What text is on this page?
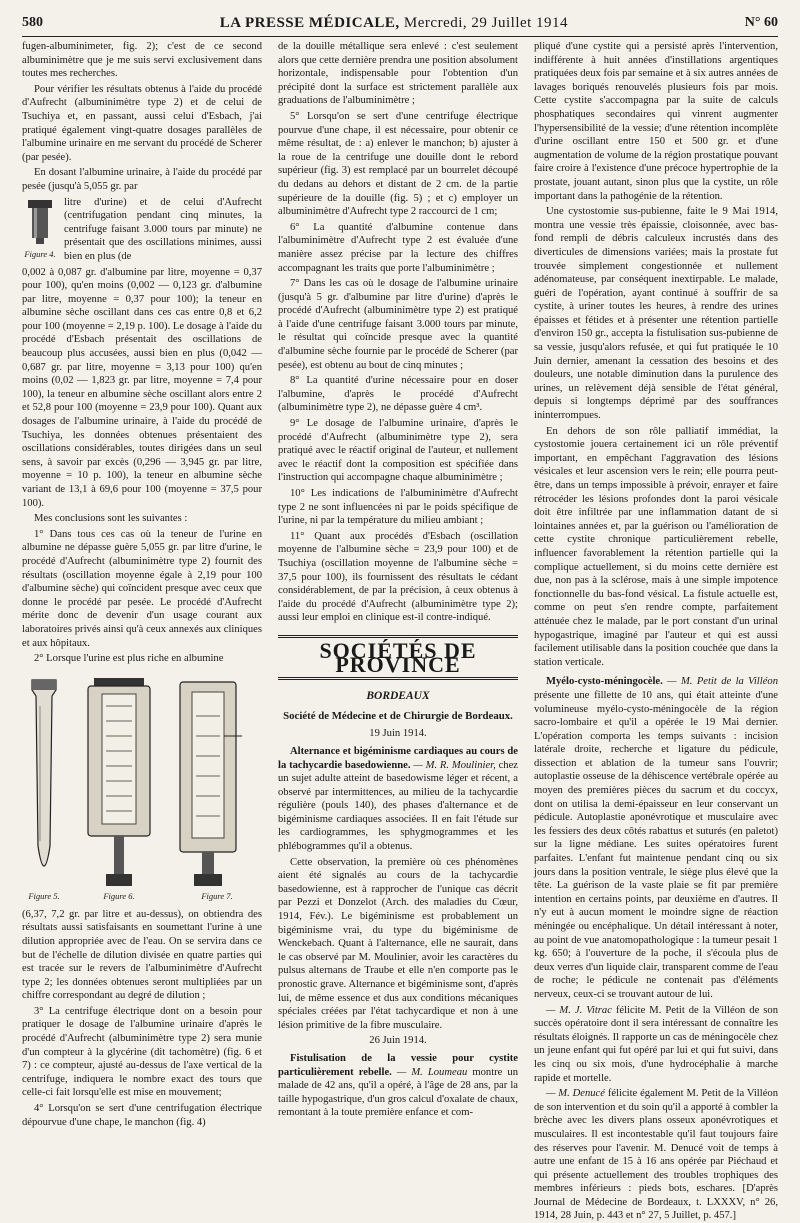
580	LA PRESSE MÉDICALE, Mercredi, 29 Juillet 1914	N° 60

fugen-albuminimeter, fig. 2); c'est de ce second albuminimètre que je me suis servi exclusivement dans toutes mes recherches.

Pour vérifier les résultats obtenus à l'aide du procédé d'Aufrecht (albuminimètre type 2) et de celui de Tsuchiya et, en passant, aussi celui d'Esbach, j'ai pratiqué également vingt-quatre dosages parallèles de l'albumine urinaire en me servant du procédé de Scherer (par pesée).

En dosant l'albumine urinaire, à l'aide du procédé par pesée (jusqu'à 5,055 gr. par

Figure 4.

litre d'urine) et de celui d'Aufrecht (centrifugation pendant cinq minutes, la centrifuge faisant 3.000 tours par minute) ne présentait que des oscillations minimes, aussi bien en plus (de

0,002 à 0,087 gr. d'albumine par litre, moyenne = 0,37 pour 100), qu'en moins (0,002 — 0,123 gr. d'albumine par litre, moyenne = 0,37 pour 100); la teneur en albumine sèche oscillant dans ces cas entre 0,8 et 6,2 pour 100 (moyenne = 2,19 p. 100). Le dosage à l'aide du procédé d'Esbach présentait des oscillations de beaucoup plus accusées, aussi bien en plus (0,042 — 0,687 gr. par litre, moyenne = 3,13 pour 100) qu'en moins (0,02 — 1,823 gr. par litre, moyenne = 7,4 pour 100), la teneur en albumine sèche oscillant alors entre 2 et 52,8 pour 100 (moyenne = 23,9 pour 100). Quant aux dosages de l'albumine urinaire, à l'aide du procédé de Tsuchiya, les données obtenues présentaient des oscillations considérables, toutes dirigées dans un seul sens, à savoir par excès (0,296 — 3,945 gr. par litre, moyenne = 10 p. 100), la teneur en albumine sèche variant de 13,1 à 69,6 pour 100 (moyenne = 37,5 pour 100).

Mes conclusions sont les suivantes :

1° Dans tous ces cas où la teneur de l'urine en albumine ne dépasse guère 5,055 gr. par litre d'urine, le procédé d'Aufrecht (albuminimètre type 2) fournit des résultats (oscillation moyenne égale à 2,19 pour 100 d'albumine sèche) qui coïncident presque avec ceux que donne le procédé par pesée. Le procédé d'Aufrecht mérite donc de devenir d'un usage courant aux laboratoires privés ainsi qu'à ceux annexés aux cliniques et aux hôpitaux.

2° Lorsque l'urine est plus riche en albumine

Figure 5.	Figure 6.	Figure 7.

(6,37, 7,2 gr. par litre et au-dessus), on obtiendra des résultats aussi satisfaisants en soumettant l'urine à une dilution appropriée avec de l'eau. On se servira dans ce but de l'échelle de dilution divisée en quatre parties qui est tracée sur le revers de l'albuminimètre d'Aufrecht type 2; les données obtenues seront multipliées par un chiffre correspondant au degré de dilution ;

3° La centrifuge électrique dont on a besoin pour pratiquer le dosage de l'albumine urinaire d'après le procédé d'Aufrecht (albuminimètre type 2) sera munie d'un compteur à la glycérine (dit tachomètre) (fig. 6 et 7) : ce compteur, ajusté au-dessus de l'axe vertical de la centrifuge, indiquera le nombre exact des tours que celle-ci fait lorsqu'elle est mise en mouvement;

4° Lorsqu'on se sert d'une centrifugation électrique dépourvue d'une chape, le manchon (fig. 4)

de la douille métallique sera enlevé : c'est seulement alors que cette dernière prendra une position absolument horizontale, indispensable pour l'obtention d'un précipité dont la surface est strictement parallèle aux graduations de l'albuminimètre ;

5° Lorsqu'on se sert d'une centrifuge électrique pourvue d'une chape, il est nécessaire, pour obtenir ce même résultat, de : a) enlever le manchon; b) ajuster à la roue de la centrifuge une douille dont le rebord supérieur (fig. 3) est remplacé par un bourrelet découpé du dedans au dehors et distant de 2 cm. de la partie supérieure de la douille (fig. 5) ; et c) employer un albuminimètre d'Aufrecht type 2 raccourci de 1 cm;

6° La quantité d'albumine contenue dans l'albuminimètre d'Aufrecht type 2 est évaluée d'une manière assez précise par la lecture des chiffres accompagnant les traits que porte l'albuminimètre ;

7° Dans les cas où le dosage de l'albumine urinaire (jusqu'à 5 gr. d'albumine par litre d'urine) d'après le procédé d'Aufrecht (albuminimètre type 2) est pratiqué à l'aide d'une centrifuge faisant 3.000 tours par minute, le résultat qui coïncide presque avec la quantité d'albumine sèche fournie par le procédé de Scherer (par pesée), est obtenu au bout de cinq minutes ;

8° La quantité d'urine nécessaire pour en doser l'albumine, d'après le procédé d'Aufrecht (albuminimètre type 2), ne dépasse guère 4 cm³.

9° Le dosage de l'albumine urinaire, d'après le procédé d'Aufrecht (albuminimètre type 2), sera pratiqué avec le réactif original de l'auteur, et nullement avec le réactif dont la composition est spécifiée dans l'instruction qui accompagne chaque albuminimètre ;

10° Les indications de l'albuminimètre d'Aufrecht type 2 ne sont influencées ni par le poids spécifique de l'urine, ni par la température du milieu ambiant ;

11° Quant aux procédés d'Esbach (oscillation moyenne de l'albumine sèche = 23,9 pour 100) et de Tsuchiya (oscillation moyenne de l'albumine sèche = 37,5 pour 100), ils fournissent des résultats le cédant considérablement, de par la précision, à ceux obtenus à l'aide du procédé d'Aufrecht (albuminimètre type 2); aussi leur emploi en clinique est-il contre-indiqué.

SOCIÉTÉS DE PROVINCE
BORDEAUX
Société de Médecine et de Chirurgie de Bordeaux.
19 Juin 1914.

Alternance et bigéminisme cardiaques au cours de la tachycardie basedowienne. — M. R. Moulinier, chez un sujet adulte atteint de basedowisme léger et récent, a observé par intermittences, au milieu de la tachycardie régulière (pouls 140), des phases d'alternance et de bigéminisme cardiaques associées. Il en fait l'étude sur les cardiogrammes, les sphygmogrammes et les phlébogrammes qu'il a obtenus.

Cette observation, la première où ces phénomènes aient été signalés au cours de la tachycardie basedowienne, est à rapprocher de l'unique cas décrit par Pezzi et Donzelot (Arch. des maladies du Cœur, 1914, Fév.). Le bigéminisme est probablement un bigéminisme vrai, du type du bigéminisme de Wenckebach. Quant à l'alternance, elle ne saurait, dans le cas observé par M. Moulinier, avoir les caractères du pulsus alternans de Traube et elle n'en comporte pas le pronostic grave. Alternance et bigéminisme sont, d'après lui, de même essence et dus aux conditions mécaniques spéciales créées par l'état tachycardique et non à une lésion primitive de la fibre musculaire.

26 Juin 1914.

Fistulisation de la vessie pour cystite particulièrement rebelle. — M. Loumeau montre un malade de 42 ans, qu'il a opéré, à l'âge de 28 ans, par la taille hypogastrique, d'un gros calcul d'oxalate de chaux, remontant à la toute première enfance et com-

pliqué d'une cystite qui a persisté après l'intervention, indifférente à huit années d'instillations argentiques pratiquées deux fois par semaine et à six autres années de lavages boriqués renouvelés plusieurs fois par mois. Cette cystite s'accompagna par la suite de calculs phosphatiques secondaires qui vinrent augmenter l'hypersensibilité de la vessie; d'une rétention incomplète d'urine oscillant entre 150 et 500 gr. et d'une augmentation de volume de la région prostatique pouvant faire croire à l'existence d'une précoce hypertrophie de la prostate, jouant autant, sinon plus que la cystite, un rôle important dans la pathogénie de la rétention.

Une cystostomie sus-pubienne, faite le 9 Mai 1914, montra une vessie très épaissie, cloisonnée, avec bas-fond rempli de débris calculeux incrustés dans des diverticules de dimensions variées; mais la prostate fut trouvée simplement congestionnée et nullement adénomateuse, par conséquent inextirpable. Le malade, guéri de l'opération, ayant continué à souffrir de sa cystite, à uriner toutes les heures, à rendre des urines épaisses et fétides et à présenter une rétention partielle d'environ 150 gr., accepta la fistulisation sus-pubienne de sa vessie, jusqu'alors refusée, et qui fut pratiquée le 10 Juin dernier, amenant la cessation des besoins et des douleurs, une notable diminution dans la purulence des urines, un relèvement déjà sensible de l'état général, depuis si longtemps déprimé par des souffrances ininterrompues.

En dehors de son rôle palliatif immédiat, la cystostomie jouera certainement ici un rôle préventif important, en empêchant l'aggravation des lésions vésicales et leur ascension vers le rein; elle pourra peut-être, dans un temps impossible à prévoir, enrayer et faire rétrocéder les lésions profondes dont la paroi vésicale doit être infiltrée par une inflammation datant de si lointaines années et, par la guérison ou l'amélioration de cette cystite chronique particulièrement rebelle, influencer favorablement la rétention partielle qui la complique actuellement, si du moins cette dernière est due, non pas à la sclérose, mais à une simple impotence fonctionnelle du bas-fond vésical. La fistule actuelle est, comme on peut s'en rendre compte, parfaitement atténuée chez le malade, par le port constant d'un urinal hypogastrique, imaginé par l'auteur et qui est aussi facilement utilisable dans la position couchée que dans la station verticale.

Myélo-cysto-méningocèle. — M. Petit de la Villéon présente une fillette de 10 ans, qui était atteinte d'une volumineuse myélo-cysto-méningocèle de la région sacro-lombaire et qu'il a opérée le 19 Mai dernier. L'opération comporta les temps suivants : incision latérale droite, recherche et ligature du pédicule, dissection et ablation de la tumeur sans l'ouvrir; autoplastie osseuse de la déhiscence vertébrale opérée au moyen des premières pièces du sacrum et du coccyx, dont on utilisa la demi-épaisseur en leur conservant un pédicule. Autoplastie aponévrotique et musculaire avec les fessiers des deux côtés rabattus et suturés (en paletot) sur la ligne médiane. Les suites opératoires furent parfaites. L'enfant fut maintenue pendant cinq ou six jours dans la position ventrale, le siège plus élevé que la tête. La guérison de la vaste plaie se fit par première intention en certains points, par deuxième en d'autres. Il n'y eut à aucun moment le moindre signe de réaction méningée ou encéphalique. Un détail intéressant à noter, au point de vue anatomopathologique : la tumeur pesait 1 kg. 650; à l'ouverture de la poche, il s'écoula plus de deux verres d'un liquide clair, transparent comme de l'eau de roche; le pédicule ne contenait pas d'éléments nerveux, ceux-ci se trouvant autour de lui.

— M. J. Vitrac félicite M. Petit de la Villéon de son succès opératoire dont il sera intéressant de connaître les résultats éloignés. Il rapporte un cas de méningocèle chez un jeune enfant qui fut opéré par lui et qui fut suivi, dans les cinq ou six mois, d'une hydrocéphalie à marche rapide et mortelle.

— M. Denucé félicite également M. Petit de la Villéon de son intervention et du soin qu'il a apporté à combler la brèche avec les divers plans osseux aponévrotiques et musculaires. Il est incontestable qu'il faut toujours faire des réserves pour l'avenir. M. Denucé voit de temps à autre une enfant de 15 à 16 ans opérée par Piéchaud et qui présente actuellement des troubles trophiques des membres inférieurs : pieds bots, eschares. [D'après Journal de Médecine de Bordeaux, t. LXXXV, n° 26, 1914, 28 Juin, p. 443 et n° 27, 5 Juillet, p. 457.]
